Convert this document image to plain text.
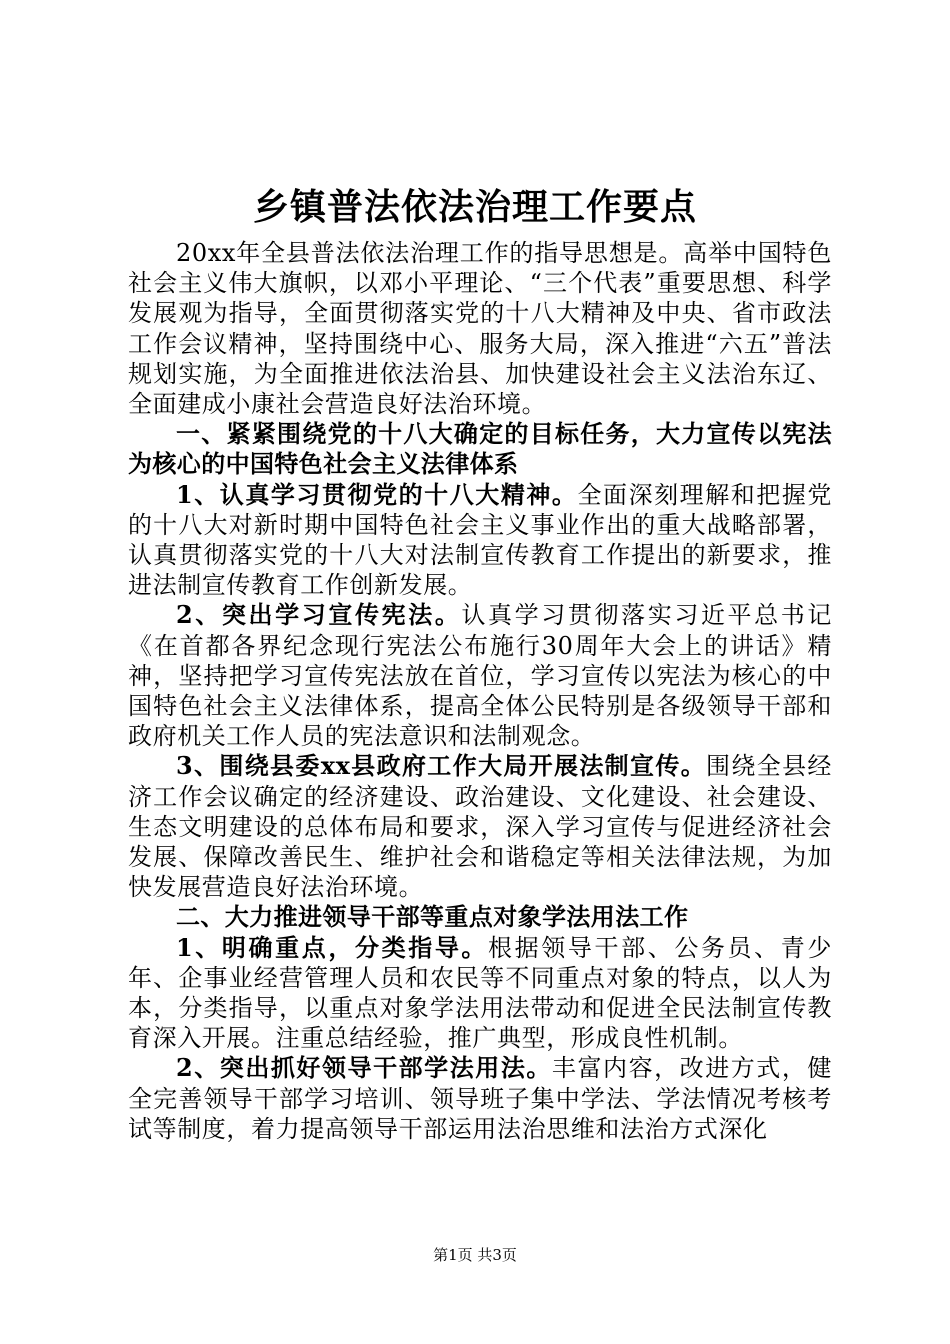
乡镇普法依法治理工作要点

20xx年全县普法依法治理工作的指导思想是。高举中国特色社会主义伟大旗帜，以邓小平理论、“三个代表”重要思想、科学发展观为指导，全面贯彻落实党的十八大精神及中央、省市政法工作会议精神，坚持围绕中心、服务大局，深入推进“六五”普法规划实施，为全面推进依法治县、加快建设社会主义法治东辽、全面建成小康社会营造良好法治环境。

一、紧紧围绕党的十八大确定的目标任务，大力宣传以宪法为核心的中国特色社会主义法律体系

1、认真学习贯彻党的十八大精神。全面深刻理解和把握党的十八大对新时期中国特色社会主义事业作出的重大战略部署，认真贯彻落实党的十八大对法制宣传教育工作提出的新要求，推进法制宣传教育工作创新发展。

2、突出学习宣传宪法。认真学习贯彻落实习近平总书记《在首都各界纪念现行宪法公布施行30周年大会上的讲话》精神，坚持把学习宣传宪法放在首位，学习宣传以宪法为核心的中国特色社会主义法律体系，提高全体公民特别是各级领导干部和政府机关工作人员的宪法意识和法制观念。

3、围绕县委xx县政府工作大局开展法制宣传。围绕全县经济工作会议确定的经济建设、政治建设、文化建设、社会建设、生态文明建设的总体布局和要求，深入学习宣传与促进经济社会发展、保障改善民生、维护社会和谐稳定等相关法律法规，为加快发展营造良好法治环境。

二、大力推进领导干部等重点对象学法用法工作

1、明确重点，分类指导。根据领导干部、公务员、青少年、企事业经营管理人员和农民等不同重点对象的特点，以人为本，分类指导，以重点对象学法用法带动和促进全民法制宣传教育深入开展。注重总结经验，推广典型，形成良性机制。

2、突出抓好领导干部学法用法。丰富内容，改进方式，健全完善领导干部学习培训、领导班子集中学法、学法情况考核考试等制度，着力提高领导干部运用法治思维和法治方式深化

第1页 共3页
